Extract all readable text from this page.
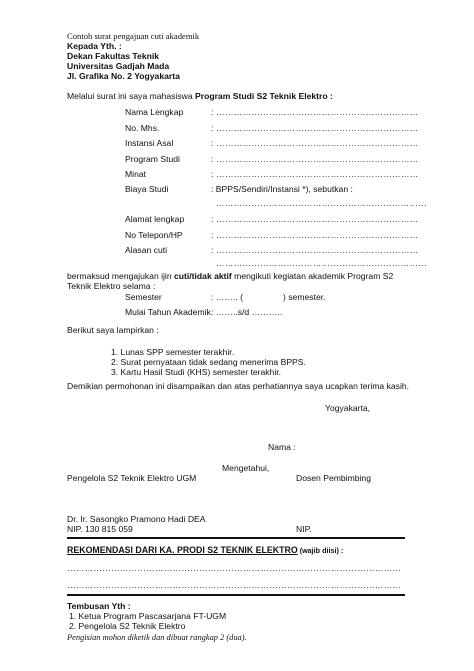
Contoh surat pengajuan cuti akademik
Kepada Yth. :
Dekan Fakultas Teknik
Universitas Gadjah Mada
Jl. Grafika No. 2 Yogyakarta
Melalui surat ini saya mahasiswa Program Studi S2 Teknik Elektro :
Nama Lengkap	: ……………………………………………………………
No. Mhs.	: ……………………………………………………………
Instansi Asal	: ……………………………………………………………
Program Studi	: ……………………………………………………………
Minat	: ……………………………………………………………
Biaya Studi	: BPPS/Sendiri/Instansi *), sebutkan :
………………………………………………………………
Alamat lengkap	: ……………………………………………………………
No Telepon/HP	: ……………………………………………………………
Alasan cuti	: ……………………………………………………………
………………………………………………………………
bermaksud mengajukan ijin cuti/tidak aktif mengikuti kegiatan akademik Program S2
Teknik Elektro selama :
Semester	: …….. (	) semester.
Mulai Tahun Akademik : ……..s/d ………..
Berikut saya lampirkan :
1. Lunas SPP semester terakhir.
2. Surat pernyataan tidak sedang menerima BPPS.
3. Kartu Hasil Studi (KHS) semester terakhir.
Demikian permohonan ini disampaikan dan atas perhatiannya saya ucapkan terima kasih.
Yogyakarta,
Nama :
Mengetahui,
Pengelola S2 Teknik Elektro UGM	Dosen Pembimbing
Dr. Ir. Sasongko Pramono Hadi DEA
NIP. 130 815 059	NIP.
REKOMENDASI DARI KA. PRODI S2 TEKNIK ELEKTRO (wajib diisi) :
……………………………………………………………………………………………………
……………………………………………………………………………………………………
Tembusan Yth :
1. Ketua Program Pascasarjana FT-UGM
2. Pengelola S2 Teknik Elektro
Pengisian mohon diketik dan dibuat rangkap 2 (dua).
